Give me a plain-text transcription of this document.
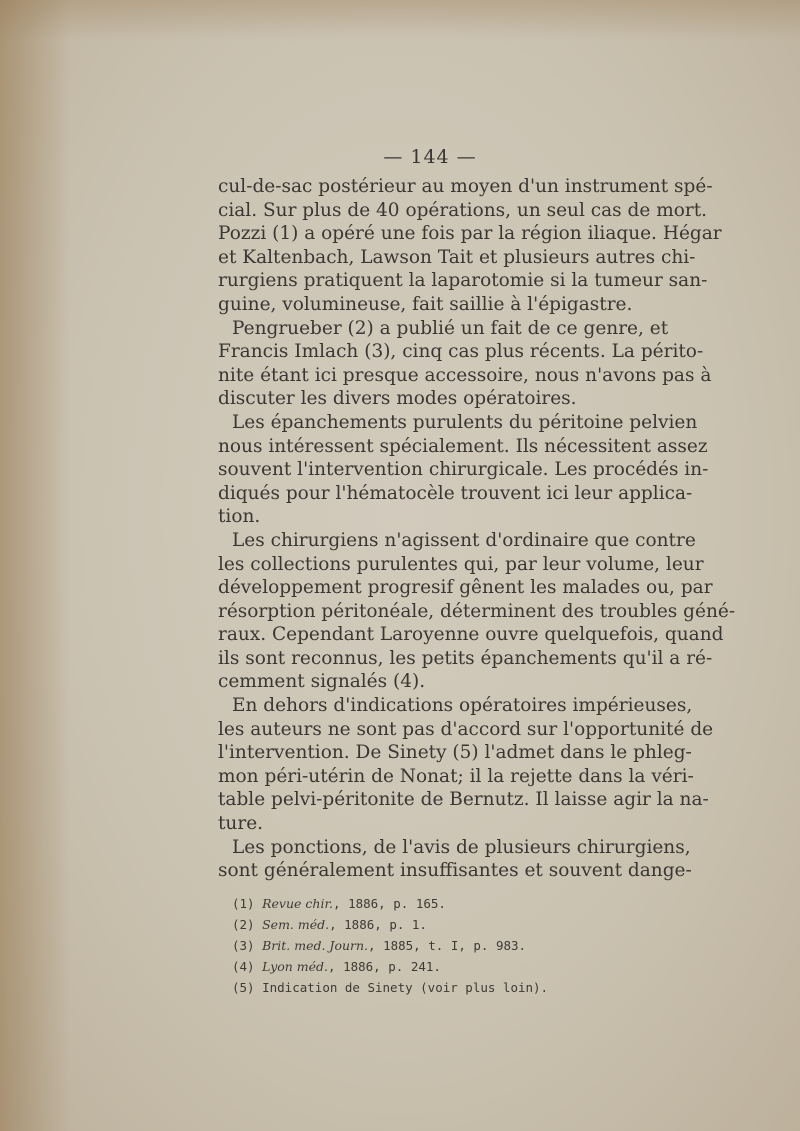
— 144 —
cul-de-sac postérieur au moyen d'un instrument spé-
cial. Sur plus de 40 opérations, un seul cas de mort.
Pozzi (1) a opéré une fois par la région iliaque. Hégar
et Kaltenbach, Lawson Tait et plusieurs autres chi-
rurgiens pratiquent la laparotomie si la tumeur san-
guine, volumineuse, fait saillie à l'épigastre.
Pengrueber (2) a publié un fait de ce genre, et
Francis Imlach (3), cinq cas plus récents. La périto-
nite étant ici presque accessoire, nous n'avons pas à
discuter les divers modes opératoires.
Les épanchements purulents du péritoine pelvien
nous intéressent spécialement. Ils nécessitent assez
souvent l'intervention chirurgicale. Les procédés in-
diqués pour l'hématocèle trouvent ici leur applica-
tion.
Les chirurgiens n'agissent d'ordinaire que contre
les collections purulentes qui, par leur volume, leur
développement progresif gênent les malades ou, par
résorption péritonéale, déterminent des troubles géné-
raux. Cependant Laroyenne ouvre quelquefois, quand
ils sont reconnus, les petits épanchements qu'il a ré-
cemment signalés (4).
En dehors d'indications opératoires impérieuses,
les auteurs ne sont pas d'accord sur l'opportunité de
l'intervention. De Sinety (5) l'admet dans le phleg-
mon péri-utérin de Nonat; il la rejette dans la véri-
table pelvi-péritonite de Bernutz. Il laisse agir la na-
ture.
Les ponctions, de l'avis de plusieurs chirurgiens,
sont généralement insuffisantes et souvent dange-
(1) Revue chir., 1886, p. 165.
(2) Sem. méd., 1886, p. 1.
(3) Brit. med. Journ., 1885, t. I, p. 983.
(4) Lyon méd., 1886, p. 241.
(5) Indication de Sinety (voir plus loin).
